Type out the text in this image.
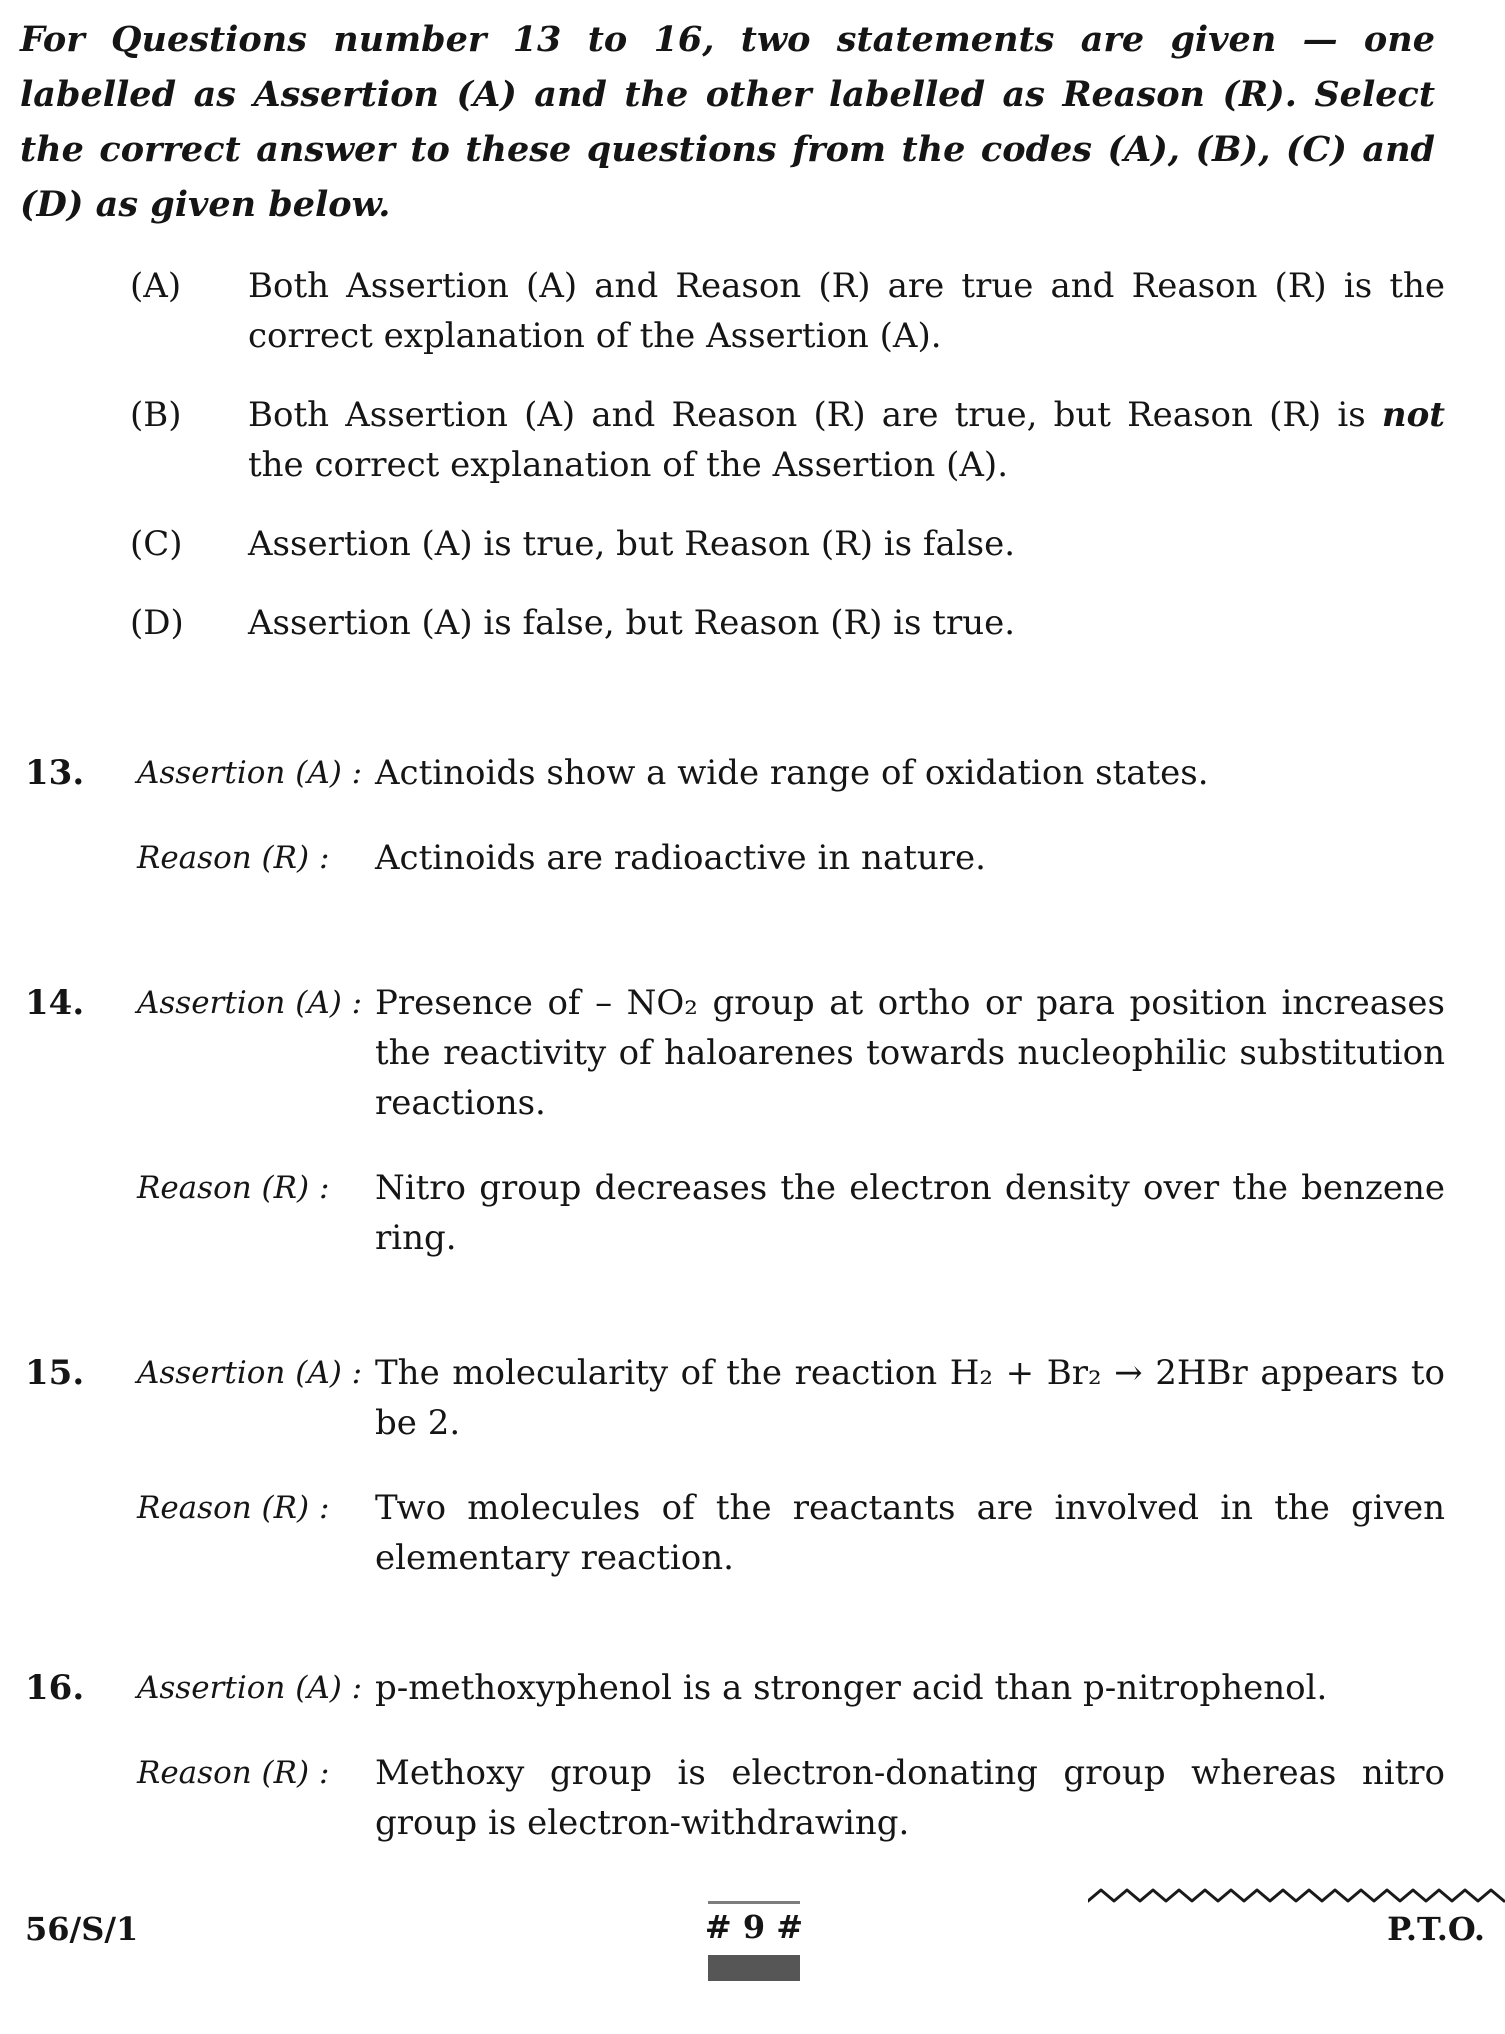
For Questions number 13 to 16, two statements are given — one labelled as Assertion (A) and the other labelled as Reason (R). Select the correct answer to these questions from the codes (A), (B), (C) and (D) as given below.
(A)	Both Assertion (A) and Reason (R) are true and Reason (R) is the correct explanation of the Assertion (A).
(B)	Both Assertion (A) and Reason (R) are true, but Reason (R) is not the correct explanation of the Assertion (A).
(C)	Assertion (A) is true, but Reason (R) is false.
(D)	Assertion (A) is false, but Reason (R) is true.
13.	Assertion (A) : Actinoids show a wide range of oxidation states.
Reason (R) :	Actinoids are radioactive in nature.
14.	Assertion (A) : Presence of – NO₂ group at ortho or para position increases the reactivity of haloarenes towards nucleophilic substitution reactions.
Reason (R) :	Nitro group decreases the electron density over the benzene ring.
15.	Assertion (A) : The molecularity of the reaction H₂ + Br₂ → 2HBr appears to be 2.
Reason (R) :	Two molecules of the reactants are involved in the given elementary reaction.
16.	Assertion (A) : p-methoxyphenol is a stronger acid than p-nitrophenol.
Reason (R) :	Methoxy group is electron-donating group whereas nitro group is electron-withdrawing.
56/S/1	# 9 #	P.T.O.
